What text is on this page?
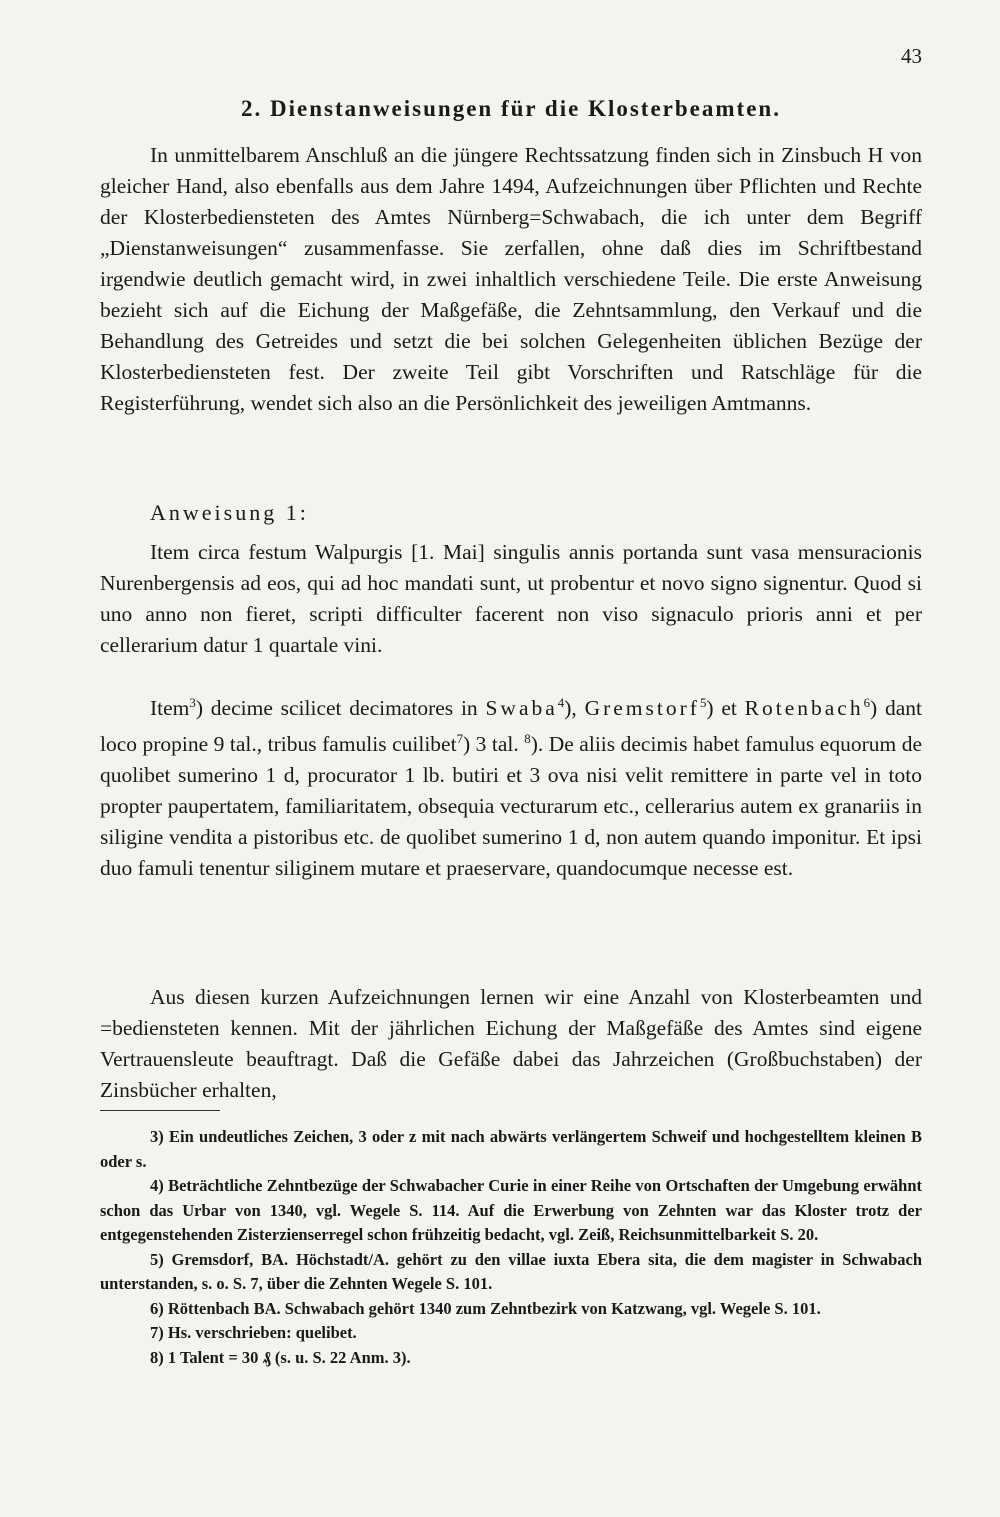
43
2. Dienstanweisungen für die Klosterbeamten.

In unmittelbarem Anschluß an die jüngere Rechtssatzung finden sich in Zinsbuch H von gleicher Hand, also ebenfalls aus dem Jahre 1494, Aufzeichnungen über Pflichten und Rechte der Klosterbediensteten des Amtes Nürnberg=Schwabach, die ich unter dem Begriff „Dienstanweisungen“ zusammenfasse. Sie zerfallen, ohne daß dies im Schriftbestand irgendwie deutlich gemacht wird, in zwei inhaltlich verschiedene Teile. Die erste Anweisung bezieht sich auf die Eichung der Maßgefäße, die Zehntsammlung, den Verkauf und die Behandlung des Getreides und setzt die bei solchen Gelegenheiten üblichen Bezüge der Klosterbediensteten fest. Der zweite Teil gibt Vorschriften und Ratschläge für die Registerführung, wendet sich also an die Persönlichkeit des jeweiligen Amtmanns.

Anweisung 1:

Item circa festum Walpurgis [1. Mai] singulis annis portanda sunt vasa mensuracionis Nurenbergensis ad eos, qui ad hoc mandati sunt, ut probentur et novo signo signentur. Quod si uno anno non fieret, scripti difficulter facerent non viso signaculo prioris anni et per cellerarium datur 1 quartale vini.

Item$^3$) decime scilicet decimatores in Swaba$^4$), Gremstorf$^5$) et Rotenbach$^6$) dant loco propine 9 tal., tribus famulis cuilibet$^7$) 3 tal. $^8$). De aliis decimis habet famulus equorum de quolibet sumerino 1 d, procurator 1 lb. butiri et 3 ova nisi velit remittere in parte vel in toto propter paupertatem, familiaritatem, obsequia vecturarum etc., cellerarius autem ex granariis in siligine vendita a pistoribus etc. de quolibet sumerino 1 d, non autem quando imponitur. Et ipsi duo famuli tenentur siliginem mutare et praeservare, quandocumque necesse est.

Aus diesen kurzen Aufzeichnungen lernen wir eine Anzahl von Klosterbeamten und =bediensteten kennen. Mit der jährlichen Eichung der Maßgefäße des Amtes sind eigene Vertrauensleute beauftragt. Daß die Gefäße dabei das Jahrzeichen (Großbuchstaben) der Zinsbücher erhalten,

3) Ein undeutliches Zeichen, 3 oder z mit nach abwärts verlängertem Schweif und hochgestelltem kleinen B oder s.

4) Beträchtliche Zehntbezüge der Schwabacher Curie in einer Reihe von Ortschaften der Umgebung erwähnt schon das Urbar von 1340, vgl. Wegele S. 114. Auf die Erwerbung von Zehnten war das Kloster trotz der entgegenstehenden Zisterzienserregel schon frühzeitig bedacht, vgl. Zeiß, Reichsunmittelbarkeit S. 20.

5) Gremsdorf, BA. Höchstadt/A. gehört zu den villae iuxta Ebera sita, die dem magister in Schwabach unterstanden, s. o. S. 7, über die Zehnten Wegele S. 101.

6) Röttenbach BA. Schwabach gehört 1340 zum Zehntbezirk von Katzwang, vgl. Wegele S. 101.

7) Hs. verschrieben: quelibet.

8) 1 Talent = 30 ₰ (s. u. S. 22 Anm. 3).
